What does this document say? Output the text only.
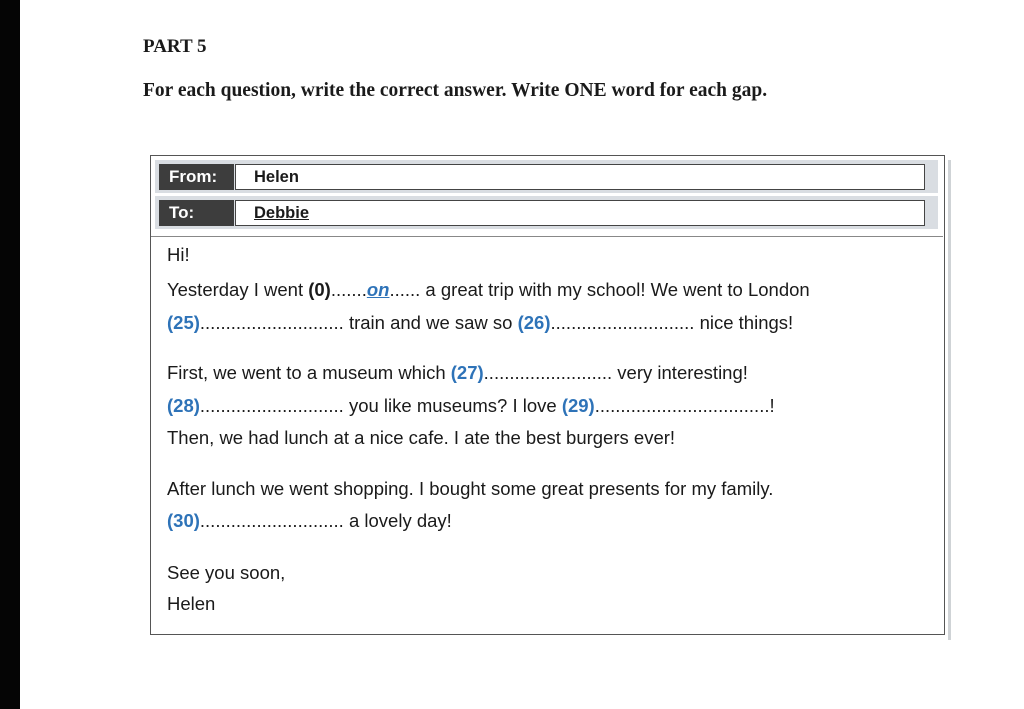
PART 5
For each question, write the correct answer. Write ONE word for each gap.
From:	Helen
To:	Debbie
Hi!
Yesterday I went (0).......on...... a great trip with my school! We went to London
(25)............................ train and we saw so (26)............................ nice things!
First, we went to a museum which (27)......................... very interesting!
(28)............................ you like museums? I love (29)..................................!
Then, we had lunch at a nice cafe. I ate the best burgers ever!
After lunch we went shopping. I bought some great presents for my family.
(30)............................ a lovely day!
See you soon,
Helen
